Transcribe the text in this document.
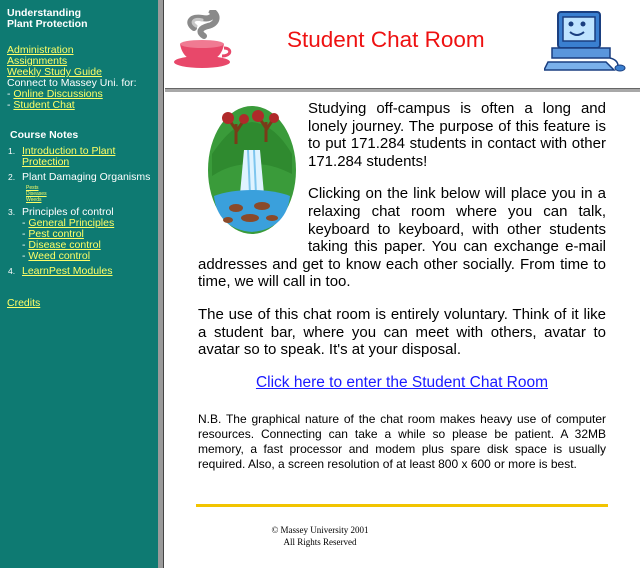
Understanding
Plant Protection
Administration
Assignments
Weekly Study Guide
Connect to Massey Uni. for:
- Online Discussions
- Student Chat
Course Notes
1. Introduction to Plant
Protection
2. Plant Damaging Organisms
Pests
Diseases
Weeds
3. Principles of control
- General Principles
- Pest control
- Disease control
- Weed control
4. LearnPest Modules
Credits
Student Chat Room

Studying off-campus is often a long and lonely journey. The purpose of this feature is to put 171.284 students in contact with other 171.284 students!

Clicking on the link below will place you in a relaxing chat room where you can talk, keyboard to keyboard, with other students taking this paper. You can exchange e-mail addresses and get to know each other socially. From time to time, we will call in too.

The use of this chat room is entirely voluntary. Think of it like a student bar, where you can meet with others, avatar to avatar so to speak. It's at your disposal.

Click here to enter the Student Chat Room

N.B. The graphical nature of the chat room makes heavy use of computer resources. Connecting can take a while so please be patient. A 32MB memory, a fast processor and modem plus spare disk space is usually required. Also, a screen resolution of at least 800 x 600 or more is best.

© Massey University 2001
All Rights Reserved
